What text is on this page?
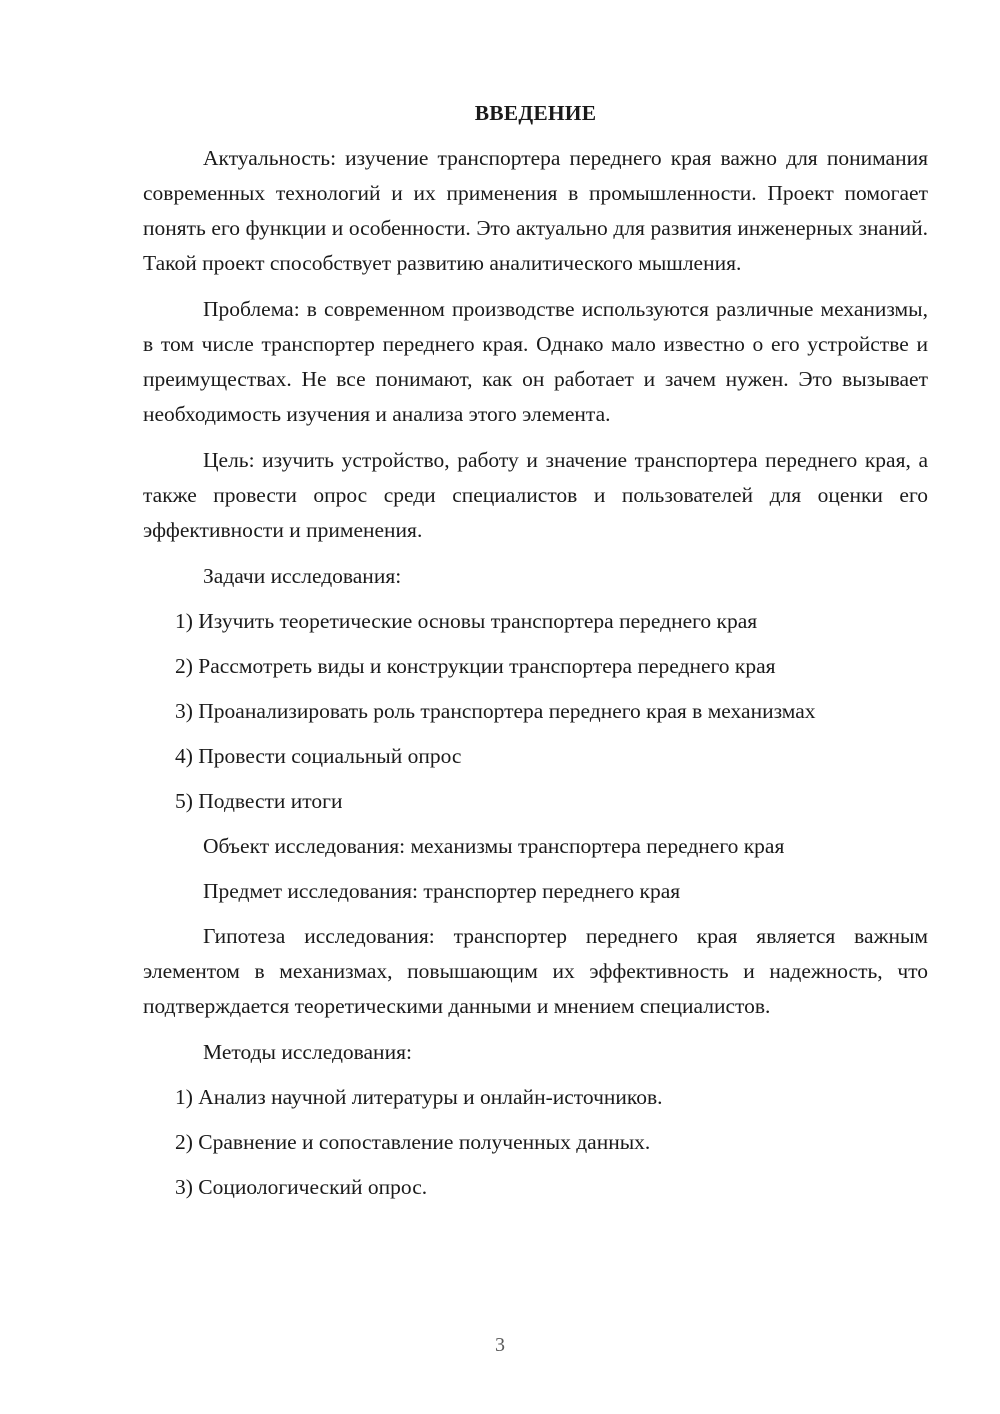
ВВЕДЕНИЕ

Актуальность: изучение транспортера переднего края важно для понимания современных технологий и их применения в промышленности. Проект помогает понять его функции и особенности. Это актуально для развития инженерных знаний. Такой проект способствует развитию аналитического мышления.

Проблема: в современном производстве используются различные механизмы, в том числе транспортер переднего края. Однако мало известно о его устройстве и преимуществах. Не все понимают, как он работает и зачем нужен. Это вызывает необходимость изучения и анализа этого элемента.

Цель: изучить устройство, работу и значение транспортера переднего края, а также провести опрос среди специалистов и пользователей для оценки его эффективности и применения.

Задачи исследования:
1) Изучить теоретические основы транспортера переднего края
2) Рассмотреть виды и конструкции транспортера переднего края
3) Проанализировать роль транспортера переднего края в механизмах
4) Провести социальный опрос
5) Подвести итоги
Объект исследования: механизмы транспортера переднего края
Предмет исследования: транспортер переднего края

Гипотеза исследования: транспортер переднего края является важным элементом в механизмах, повышающим их эффективность и надежность, что подтверждается теоретическими данными и мнением специалистов.

Методы исследования:
1) Анализ научной литературы и онлайн-источников.
2) Сравнение и сопоставление полученных данных.
3) Социологический опрос.
3
